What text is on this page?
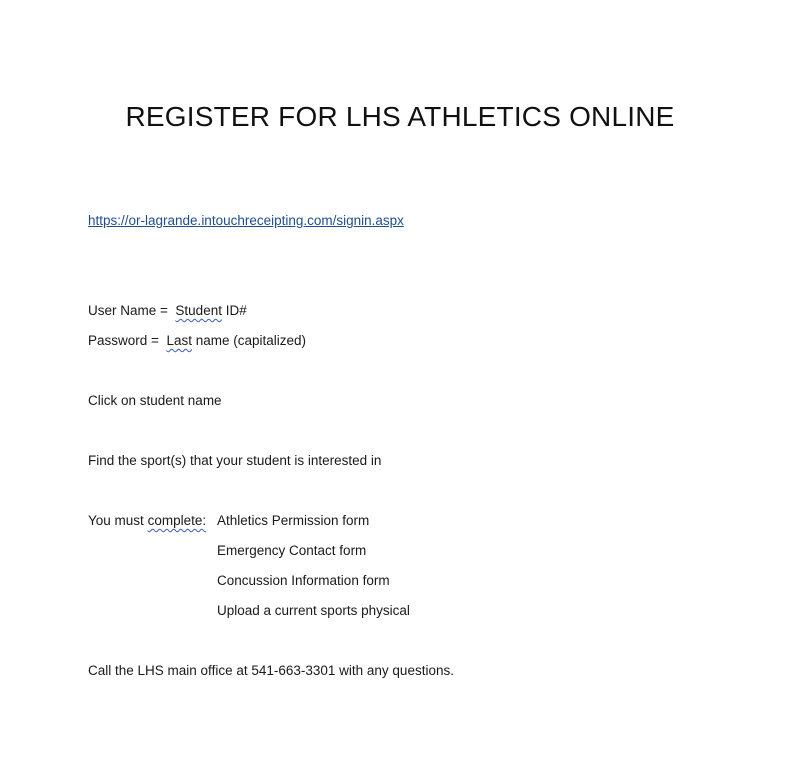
REGISTER FOR LHS ATHLETICS ONLINE
https://or-lagrande.intouchreceipting.com/signin.aspx
User Name = Student ID#
Password = Last name (capitalized)
Click on student name
Find the sport(s) that your student is interested in
You must complete: Athletics Permission form
Emergency Contact form
Concussion Information form
Upload a current sports physical
Call the LHS main office at 541-663-3301 with any questions.
